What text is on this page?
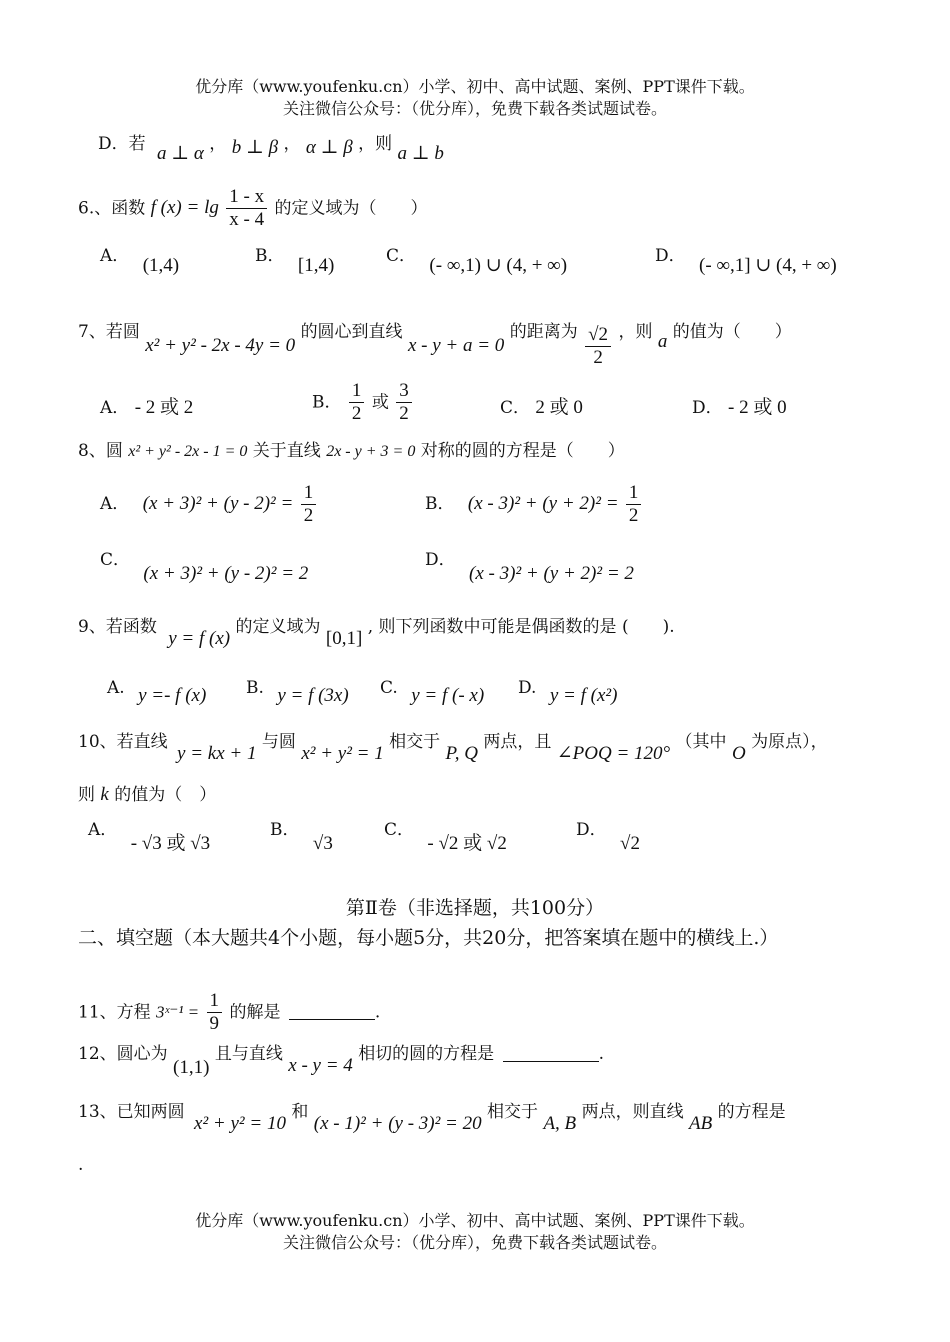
优分库（www.youfenku.cn）小学、初中、高中试题、案例、PPT课件下载。
关注微信公众号：（优分库），免费下载各类试题试卷。
D．若 a ⊥ α ， b ⊥ β ， α ⊥ β ，则 a ⊥ b
6.、函数 f $(x) = \lg \frac{1 - x}{x - 4}$ 的定义域为（　　）
A． (1,4)	B． [1,4)	C． (- ∞,1) ∪ (4, + ∞)	D． (- ∞,1] ∪ (4, + ∞)
7、若圆 x² + y² - 2x - 4y = 0 的圆心到直线 x - y + a = 0 的距离为 $\frac{√2}{2}$ ，则 a 的值为（　　）
A． - 2 或 2	B． $\frac{1}{2}$ 或 $\frac{3}{2}$	C． 2 或 0	D． - 2 或 0
8、圆 x² + y² - 2x - 1 = 0 关于直线 2x - y + 3 = 0 对称的圆的方程是（　　）
A． $(x + 3)^2 + (y - 2)^2 = \frac{1}{2}$	B． $(x - 3)^2 + (y + 2)^2 = \frac{1}{2}$
C． (x + 3)² + (y - 2)² = 2
D． (x - 3)² + (y + 2)² = 2
9、若函数 y = f (x) 的定义域为 [0,1] , 则下列函数中可能是偶函数的是 (　　).
A. y =- f (x) B. y = f (3x) C. y = f (- x) D. y = f (x²)
10、若直线 y = kx + 1 与圆 x² + y² = 1 相交于 P, Q 两点，且 ∠POQ = 120° （其中 O 为原点），
则 k 的值为（　）
A． - √3 或 √3
B． √3
C． - √2 或 √2
D． √2
第Ⅱ卷（非选择题，共100分）
二、填空题（本大题共4个小题，每小题5分，共20分，把答案填在题中的横线上.）
11、方程 3ˣ⁻¹ = $\frac{1}{9}$ 的解是	.
12、圆心为 (1,1) 且与直线 x - y = 4 相切的圆的方程是	.
13、已知两圆 x² + y² = 10 和 (x - 1)² + (y - 3)² = 20 相交于 A, B 两点，则直线 AB 的方程是
.
优分库（www.youfenku.cn）小学、初中、高中试题、案例、PPT课件下载。
关注微信公众号：（优分库），免费下载各类试题试卷。
